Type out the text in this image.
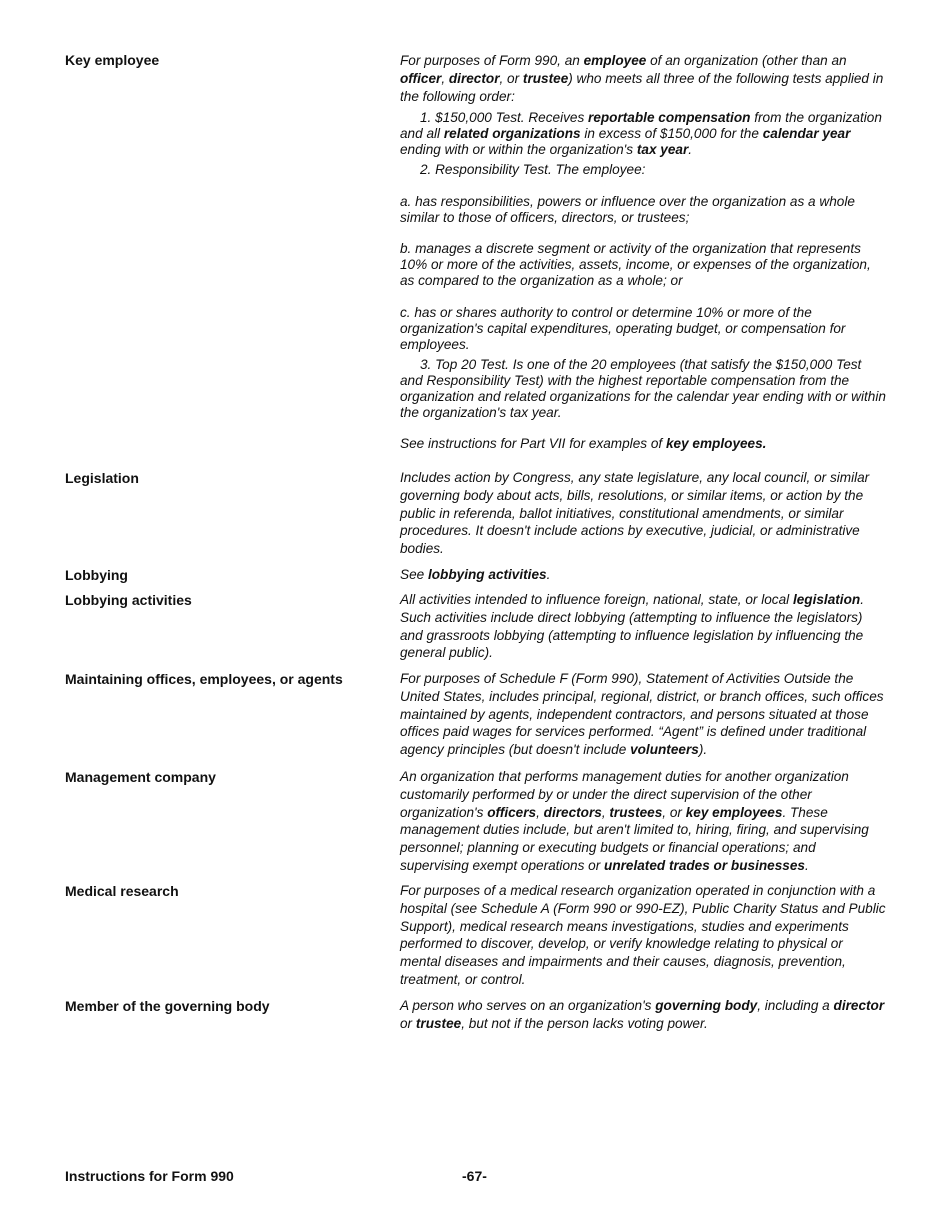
Key employee	For purposes of Form 990, an employee of an organization (other than an officer, director, or trustee) who meets all three of the following tests applied in the following order:
1. $150,000 Test. Receives reportable compensation from the organization and all related organizations in excess of $150,000 for the calendar year ending with or within the organization's tax year.
2. Responsibility Test. The employee:
a. has responsibilities, powers or influence over the organization as a whole similar to those of officers, directors, or trustees;
b. manages a discrete segment or activity of the organization that represents 10% or more of the activities, assets, income, or expenses of the organization, as compared to the organization as a whole; or
c. has or shares authority to control or determine 10% or more of the organization's capital expenditures, operating budget, or compensation for employees.
3. Top 20 Test. Is one of the 20 employees (that satisfy the $150,000 Test and Responsibility Test) with the highest reportable compensation from the organization and related organizations for the calendar year ending with or within the organization's tax year.
See instructions for Part VII for examples of key employees.
Legislation	Includes action by Congress, any state legislature, any local council, or similar governing body about acts, bills, resolutions, or similar items, or action by the public in referenda, ballot initiatives, constitutional amendments, or similar procedures. It doesn't include actions by executive, judicial, or administrative bodies.
Lobbying	See lobbying activities.
Lobbying activities	All activities intended to influence foreign, national, state, or local legislation. Such activities include direct lobbying (attempting to influence the legislators) and grassroots lobbying (attempting to influence legislation by influencing the general public).
Maintaining offices, employees, or agents	For purposes of Schedule F (Form 990), Statement of Activities Outside the United States, includes principal, regional, district, or branch offices, such offices maintained by agents, independent contractors, and persons situated at those offices paid wages for services performed. “Agent” is defined under traditional agency principles (but doesn't include volunteers).
Management company	An organization that performs management duties for another organization customarily performed by or under the direct supervision of the other organization's officers, directors, trustees, or key employees. These management duties include, but aren't limited to, hiring, firing, and supervising personnel; planning or executing budgets or financial operations; and supervising exempt operations or unrelated trades or businesses.
Medical research	For purposes of a medical research organization operated in conjunction with a hospital (see Schedule A (Form 990 or 990-EZ), Public Charity Status and Public Support), medical research means investigations, studies and experiments performed to discover, develop, or verify knowledge relating to physical or mental diseases and impairments and their causes, diagnosis, prevention, treatment, or control.
Member of the governing body	A person who serves on an organization's governing body, including a director or trustee, but not if the person lacks voting power.
Instructions for Form 990	-67-
